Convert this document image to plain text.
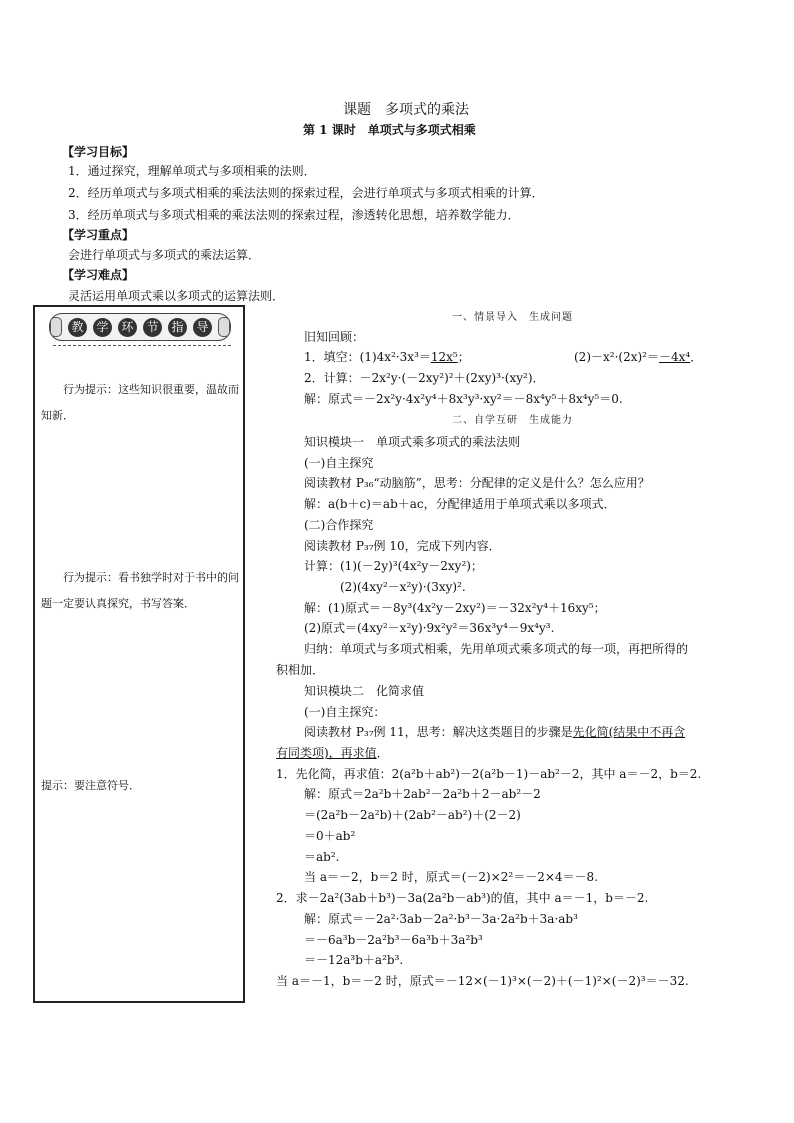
课题　多项式的乘法
第 1 课时　单项式与多项式相乘
【学习目标】
1．通过探究，理解单项式与多项相乘的法则．
2．经历单项式与多项式相乘的乘法法则的探索过程，会进行单项式与多项式相乘的计算．
3．经历单项式与多项式相乘的乘法法则的探索过程，渗透转化思想，培养数学能力．
【学习重点】
会进行单项式与多项式的乘法运算．
【学习难点】
灵活运用单项式乘以多项式的运算法则．
教 学 环 节 指 导
行为提示：这些知识很重要，温故而知新．
行为提示：看书独学时对于书中的问题一定要认真探究，书写答案．
提示：要注意符号．
一、情景导入　生成问题
旧知回顾：
1．填空：(1)4x²·3x³＝12x⁵；	(2)－x²·(2x)²＝－4x⁴．
2．计算：－2x²y·(－2xy²)²＋(2xy)³·(xy²)．
解：原式＝－2x²y·4x²y⁴＋8x³y³·xy²＝－8x⁴y⁵＋8x⁴y⁵＝0.
二、自学互研　生成能力
知识模块一　单项式乘多项式的乘法法则
(一)自主探究
阅读教材 P₃₆“动脑筋”，思考：分配律的定义是什么？怎么应用？
解：a(b＋c)＝ab＋ac，分配律适用于单项式乘以多项式．
(二)合作探究
阅读教材 P₃₇例 10，完成下列内容．
计算：(1)(－2y)³(4x²y－2xy²)；
(2)(4xy²－x²y)·(3xy)².
解：(1)原式＝－8y³(4x²y－2xy²)＝－32x²y⁴＋16xy⁵；
(2)原式＝(4xy²－x²y)·9x²y²＝36x³y⁴－9x⁴y³.
归纳：单项式与多项式相乘，先用单项式乘多项式的每一项，再把所得的
积相加．
知识模块二　化简求值
(一)自主探究：
阅读教材 P₃₇例 11，思考：解决这类题目的步骤是先化简(结果中不再含
有同类项)，再求值．
1．先化简，再求值：2(a²b＋ab²)－2(a²b－1)－ab²－2，其中 a＝－2，b＝2.
解：原式＝2a²b＋2ab²－2a²b＋2－ab²－2
＝(2a²b－2a²b)＋(2ab²－ab²)＋(2－2)
＝0＋ab²
＝ab².
当 a＝－2，b＝2 时，原式＝(－2)×2²＝－2×4＝－8.
2．求－2a²(3ab＋b³)－3a(2a²b－ab³)的值，其中 a＝－1，b＝－2.
解：原式＝－2a²·3ab－2a²·b³－3a·2a²b＋3a·ab³
＝－6a³b－2a²b³－6a³b＋3a²b³
＝－12a³b＋a²b³.
当 a＝－1，b＝－2 时，原式＝－12×(－1)³×(－2)＋(－1)²×(－2)³＝－32.
